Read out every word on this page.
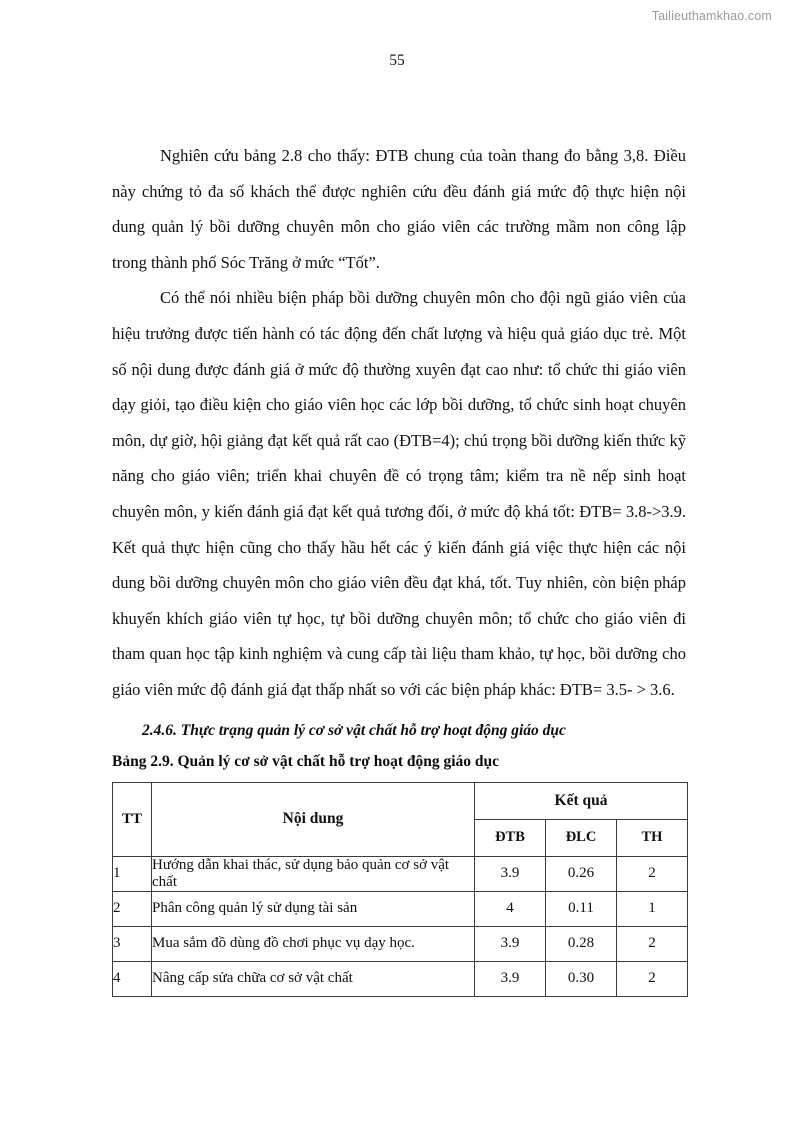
Tailieuthamkhao.com
55

Nghiên cứu bảng 2.8 cho thấy: ĐTB chung của toàn thang đo bằng 3,8. Điều này chứng tỏ đa số khách thể được nghiên cứu đều đánh giá mức độ thực hiện nội dung quản lý bồi dưỡng chuyên môn cho giáo viên các trường mầm non công lập trong thành phố Sóc Trăng ở mức “Tốt”.

Có thể nói nhiều biện pháp bồi dưỡng chuyên môn cho đội ngũ giáo viên của hiệu trưởng được tiến hành có tác động đến chất lượng và hiệu quả giáo dục trẻ. Một số nội dung được đánh giá ở mức độ thường xuyên đạt cao như: tổ chức thi giáo viên dạy giỏi, tạo điều kiện cho giáo viên học các lớp bồi dưỡng, tổ chức sinh hoạt chuyên môn, dự giờ, hội giảng đạt kết quả rất cao (ĐTB=4); chú trọng bồi dưỡng kiến thức kỹ năng cho giáo viên; triển khai chuyên đề có trọng tâm; kiểm tra nề nếp sinh hoạt chuyên môn, y kiến đánh giá đạt kết quả tương đối, ở mức độ khá tốt: ĐTB= 3.8->3.9. Kết quả thực hiện cũng cho thấy hầu hết các ý kiến đánh giá việc thực hiện các nội dung bồi dưỡng chuyên môn cho giáo viên đều đạt khá, tốt. Tuy nhiên, còn biện pháp khuyến khích giáo viên tự học, tự bồi dưỡng chuyên môn; tổ chức cho giáo viên đi tham quan học tập kinh nghiệm và cung cấp tài liệu tham khảo, tự học, bồi dưỡng cho giáo viên mức độ đánh giá đạt thấp nhất so với các biện pháp khác: ĐTB= 3.5- > 3.6.

2.4.6. Thực trạng quản lý cơ sở vật chất hỗ trợ hoạt động giáo dục
Bảng 2.9. Quản lý cơ sở vật chất hỗ trợ hoạt động giáo dục
TT	Nội dung	Kết quả		
		ĐTB	ĐLC	TH
1	Hướng dẫn khai thác, sử dụng bảo quản cơ sở vật chất	3.9	0.26	2
2	Phân công quản lý sử dụng tài sản	4	0.11	1
3	Mua sắm đồ dùng đồ chơi phục vụ dạy học.	3.9	0.28	2
4	Nâng cấp sửa chữa cơ sở vật chất	3.9	0.30	2
